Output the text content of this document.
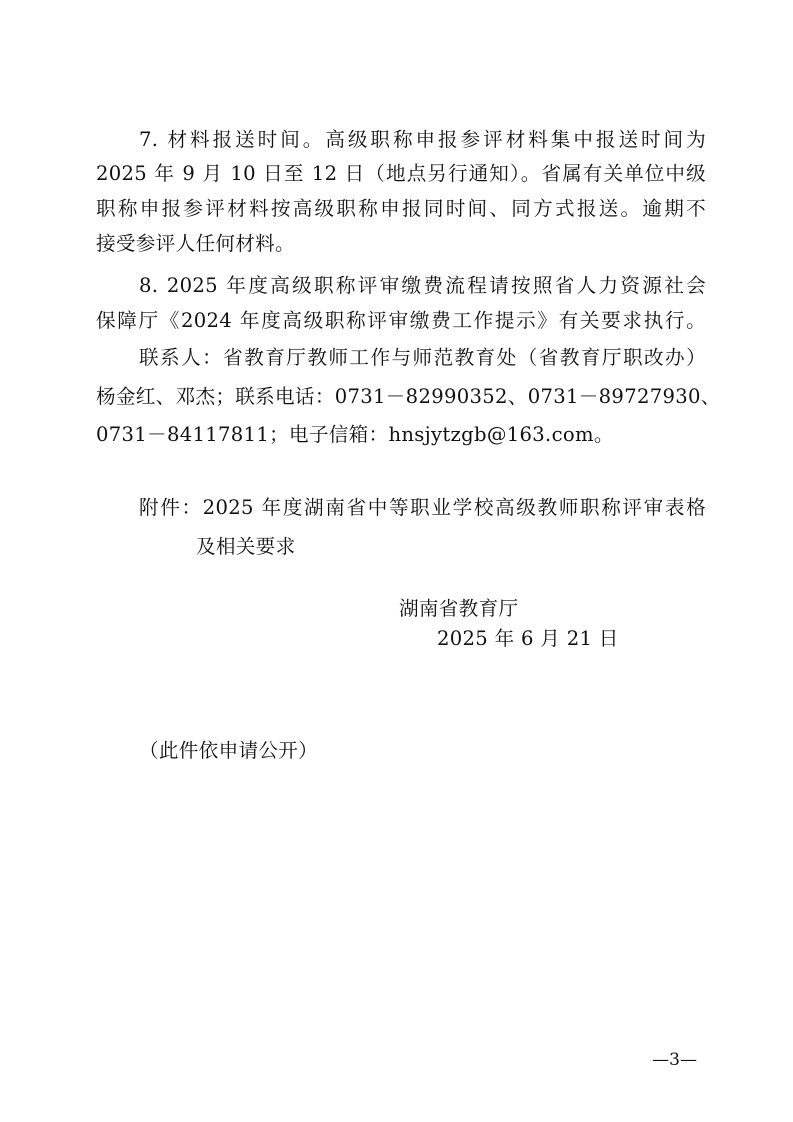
7. 材料报送时间。高级职称申报参评材料集中报送时间为
2025 年 9 月 10 日至 12 日（地点另行通知）。省属有关单位中级
职称申报参评材料按高级职称申报同时间、同方式报送。逾期不
接受参评人任何材料。
8. 2025 年度高级职称评审缴费流程请按照省人力资源社会
保障厅《2024 年度高级职称评审缴费工作提示》有关要求执行。
联系人：省教育厅教师工作与师范教育处（省教育厅职改办）
杨金红、邓杰；联系电话：0731－82990352、0731－89727930、
0731－84117811；电子信箱：hnsjytzgb@163.com。
附件：2025 年度湖南省中等职业学校高级教师职称评审表格
及相关要求
湖南省教育厅
2025 年 6 月 21 日
（此件依申请公开）
—3—
